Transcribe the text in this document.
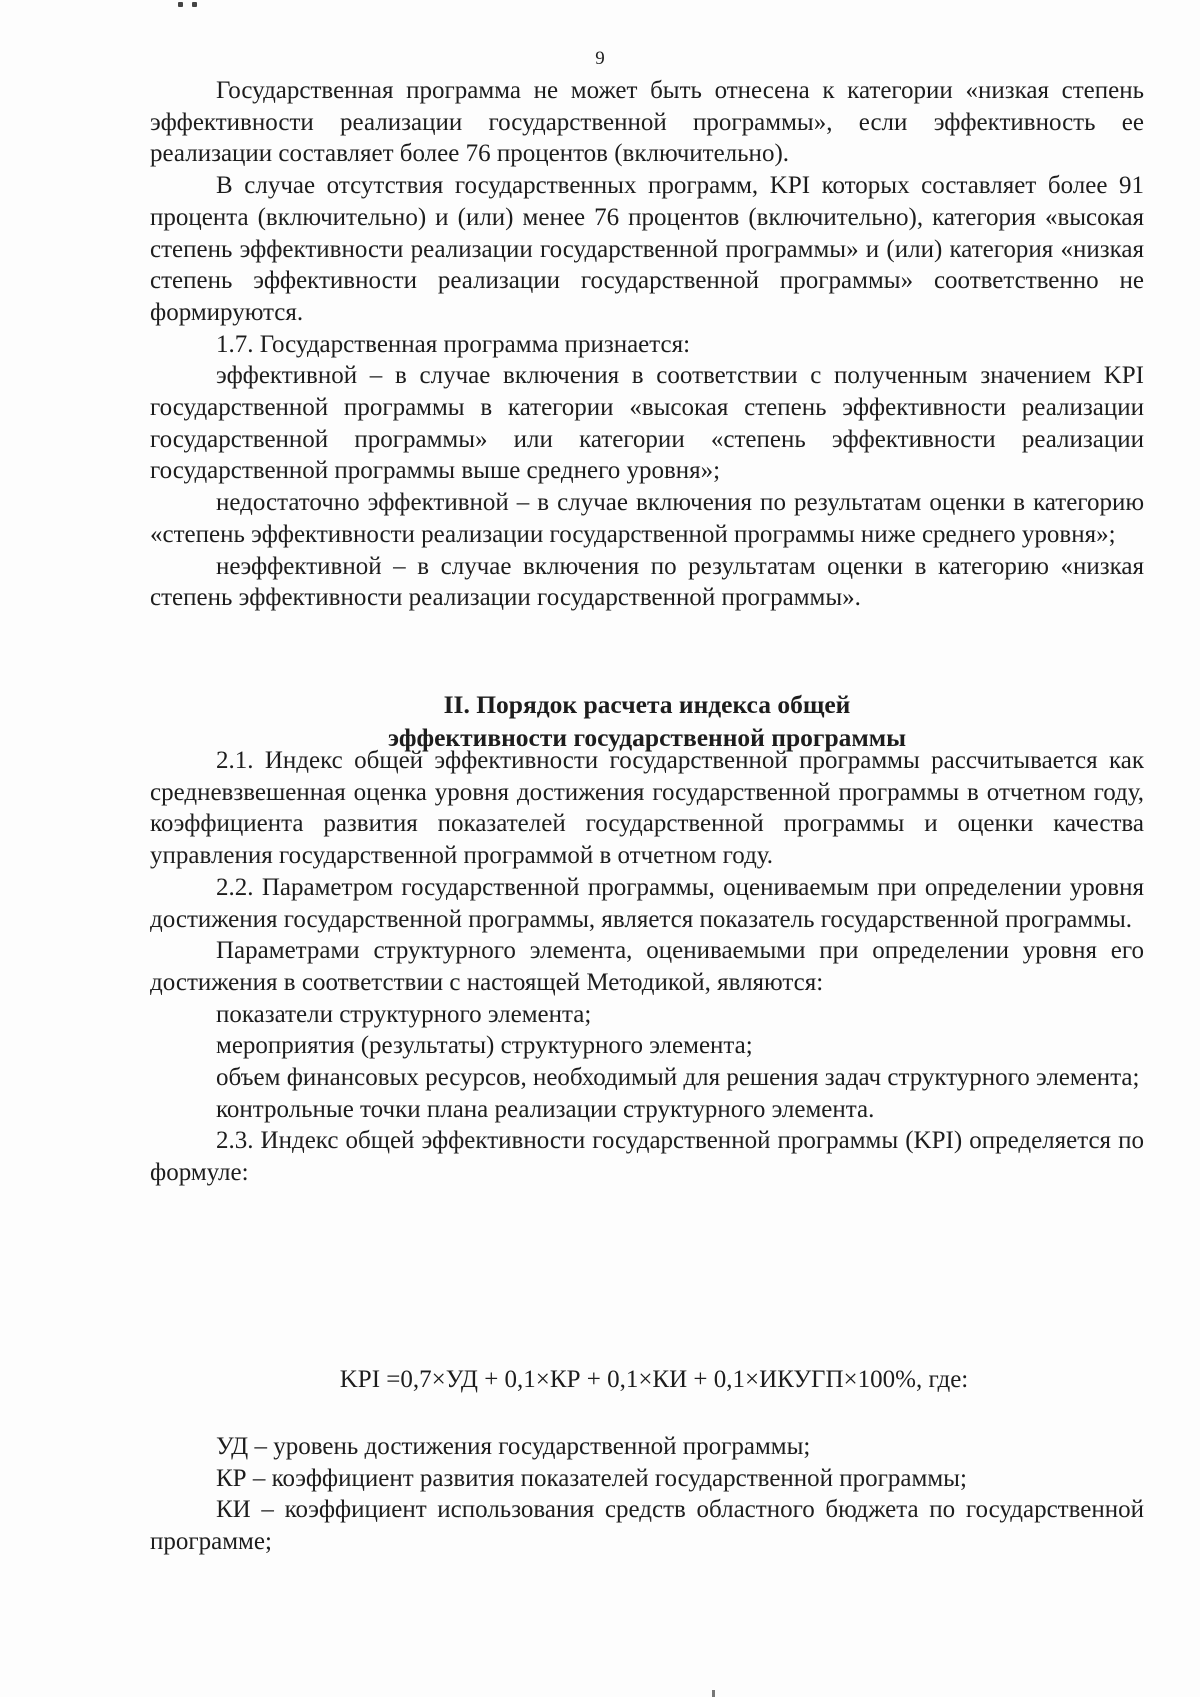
9

Государственная программа не может быть отнесена к категории «низкая степень эффективности реализации государственной программы», если эффективность ее реализации составляет более 76 процентов (включительно).

В случае отсутствия государственных программ, KPI которых составляет более 91 процента (включительно) и (или) менее 76 процентов (включительно), категория «высокая степень эффективности реализации государственной программы» и (или) категория «низкая степень эффективности реализации государственной программы» соответственно не формируются.

1.7. Государственная программа признается:

эффективной – в случае включения в соответствии с полученным значением KPI государственной программы в категории «высокая степень эффективности реализации государственной программы» или категории «степень эффективности реализации государственной программы выше среднего уровня»;

недостаточно эффективной – в случае включения по результатам оценки в категорию «степень эффективности реализации государственной программы ниже среднего уровня»;

неэффективной – в случае включения по результатам оценки в категорию «низкая степень эффективности реализации государственной программы».

II. Порядок расчета индекса общей
эффективности государственной программы

2.1. Индекс общей эффективности государственной программы рассчитывается как средневзвешенная оценка уровня достижения государственной программы в отчетном году, коэффициента развития показателей государственной программы и оценки качества управления государственной программой в отчетном году.

2.2. Параметром государственной программы, оцениваемым при определении уровня достижения государственной программы, является показатель государственной программы.

Параметрами структурного элемента, оцениваемыми при определении уровня его достижения в соответствии с настоящей Методикой, являются:

показатели структурного элемента;

мероприятия (результаты) структурного элемента;

объем финансовых ресурсов, необходимый для решения задач структурного элемента;

контрольные точки плана реализации структурного элемента.

2.3. Индекс общей эффективности государственной программы (KPI) определяется по формуле:

KPI =0,7×УД + 0,1×КР + 0,1×КИ + 0,1×ИКУГП×100%, где:

УД – уровень достижения государственной программы;

КР – коэффициент развития показателей государственной программы;

КИ – коэффициент использования средств областного бюджета по государственной программе;
